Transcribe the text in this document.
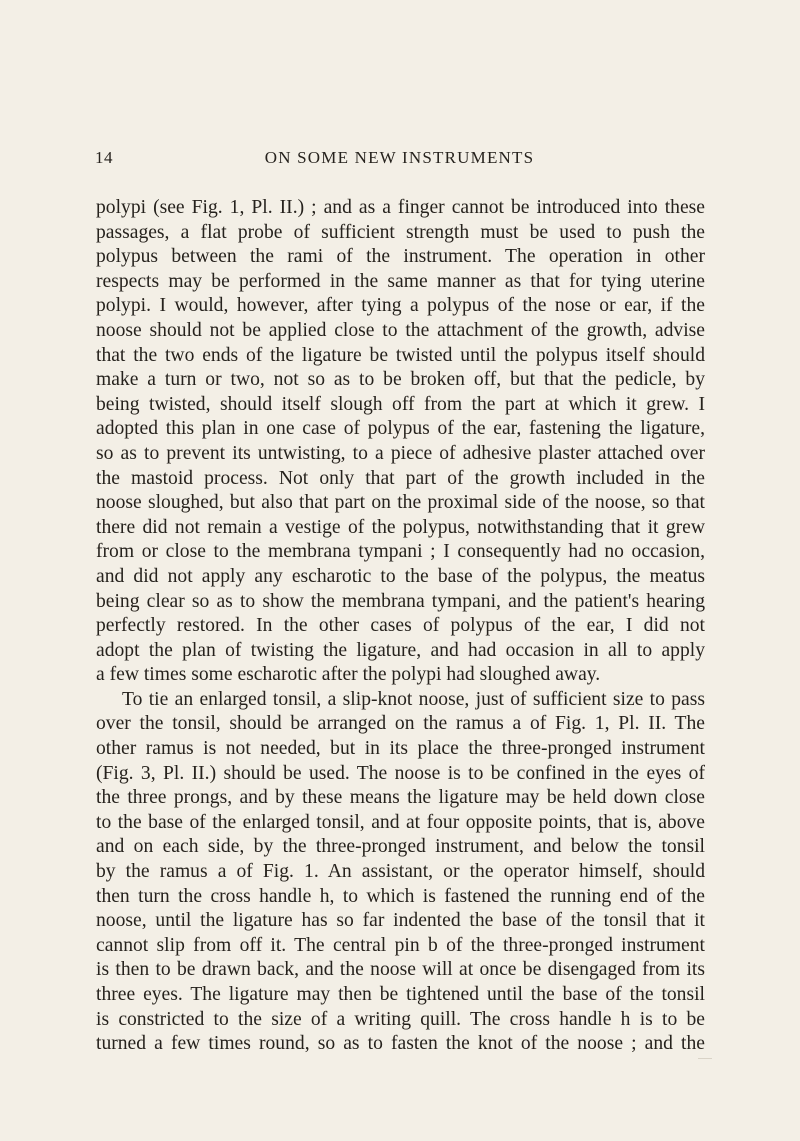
14	ON SOME NEW INSTRUMENTS
polypi (see Fig. 1, Pl. II.) ; and as a finger cannot be introduced into these
passages, a flat probe of sufficient strength must be used to push the
polypus between the rami of the instrument. The operation in other
respects may be performed in the same manner as that for tying uterine
polypi. I would, however, after tying a polypus of the nose or ear, if the
noose should not be applied close to the attachment of the growth, advise
that the two ends of the ligature be twisted until the polypus itself should
make a turn or two, not so as to be broken off, but that the pedicle, by
being twisted, should itself slough off from the part at which it grew. I
adopted this plan in one case of polypus of the ear, fastening the ligature,
so as to prevent its untwisting, to a piece of adhesive plaster attached over
the mastoid process. Not only that part of the growth included in the
noose sloughed, but also that part on the proximal side of the noose, so that
there did not remain a vestige of the polypus, notwithstanding that it grew
from or close to the membrana tympani ; I consequently had no occasion,
and did not apply any escharotic to the base of the polypus, the meatus
being clear so as to show the membrana tympani, and the patient's hearing
perfectly restored. In the other cases of polypus of the ear, I did not
adopt the plan of twisting the ligature, and had occasion in all to apply
a few times some escharotic after the polypi had sloughed away.
To tie an enlarged tonsil, a slip-knot noose, just of sufficient size to pass
over the tonsil, should be arranged on the ramus a of Fig. 1, Pl. II. The
other ramus is not needed, but in its place the three-pronged instrument
(Fig. 3, Pl. II.) should be used. The noose is to be confined in the eyes of
the three prongs, and by these means the ligature may be held down close
to the base of the enlarged tonsil, and at four opposite points, that is, above
and on each side, by the three-pronged instrument, and below the tonsil
by the ramus a of Fig. 1. An assistant, or the operator himself, should
then turn the cross handle h, to which is fastened the running end of the
noose, until the ligature has so far indented the base of the tonsil that it
cannot slip from off it. The central pin b of the three-pronged instrument
is then to be drawn back, and the noose will at once be disengaged from its
three eyes. The ligature may then be tightened until the base of the tonsil
is constricted to the size of a writing quill. The cross handle h is to be
turned a few times round, so as to fasten the knot of the noose ; and the
